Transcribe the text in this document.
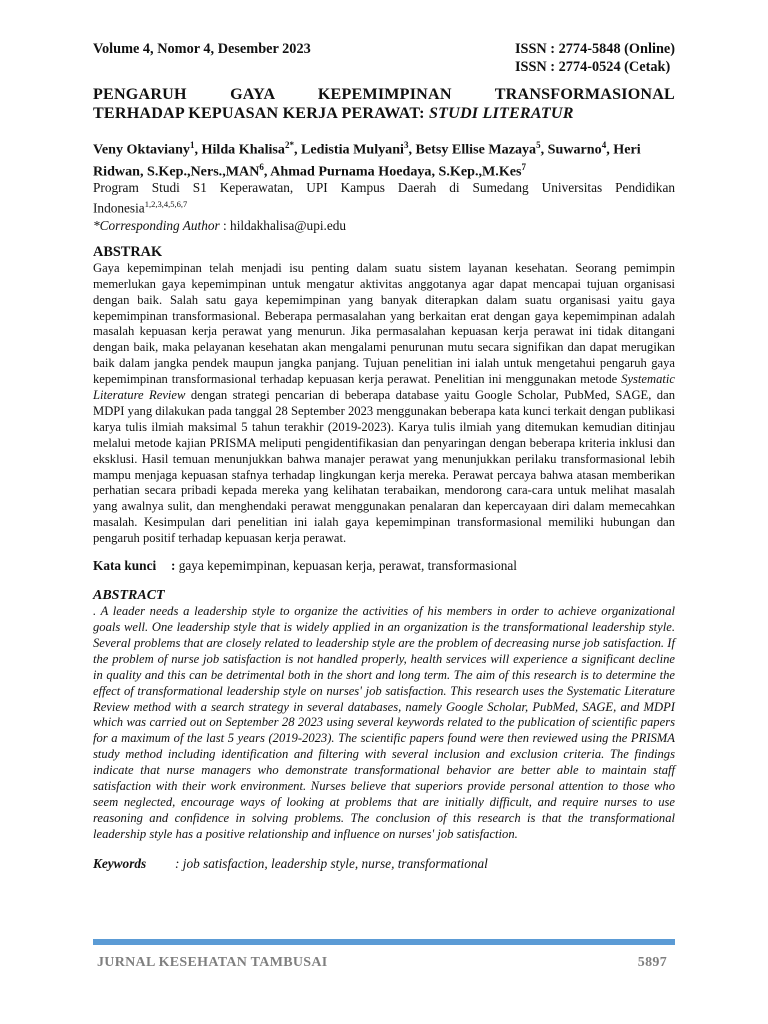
Volume 4, Nomor 4, Desember 2023	ISSN : 2774-5848 (Online)
ISSN : 2774-0524 (Cetak)
PENGARUH GAYA KEPEMIMPINAN TRANSFORMASIONAL
TERHADAP KEPUASAN KERJA PERAWAT: STUDI LITERATUR
Veny Oktaviany$^1$, Hilda Khalisa$^{2*}$, Ledistia Mulyani$^3$, Betsy Ellise Mazaya$^5$, Suwarno$^4$, Heri Ridwan, S.Kep.,Ners.,MAN$^6$, Ahmad Purnama Hoedaya, S.Kep.,M.Kes$^7$
Program Studi S1 Keperawatan, UPI Kampus Daerah di Sumedang Universitas Pendidikan Indonesia$^{1,2,3,4,5,6,7}$
*Corresponding Author : hildakhalisa@upi.edu
ABSTRAK
Gaya kepemimpinan telah menjadi isu penting dalam suatu sistem layanan kesehatan. Seorang pemimpin memerlukan gaya kepemimpinan untuk mengatur aktivitas anggotanya agar dapat mencapai tujuan organisasi dengan baik. Salah satu gaya kepemimpinan yang banyak diterapkan dalam suatu organisasi yaitu gaya kepemimpinan transformasional. Beberapa permasalahan yang berkaitan erat dengan gaya kepemimpinan adalah masalah kepuasan kerja perawat yang menurun. Jika permasalahan kepuasan kerja perawat ini tidak ditangani dengan baik, maka pelayanan kesehatan akan mengalami penurunan mutu secara signifikan dan dapat merugikan baik dalam jangka pendek maupun jangka panjang. Tujuan penelitian ini ialah untuk mengetahui pengaruh gaya kepemimpinan transformasional terhadap kepuasan kerja perawat. Penelitian ini menggunakan metode Systematic Literature Review dengan strategi pencarian di beberapa database yaitu Google Scholar, PubMed, SAGE, dan MDPI yang dilakukan pada tanggal 28 September 2023 menggunakan beberapa kata kunci terkait dengan publikasi karya tulis ilmiah maksimal 5 tahun terakhir (2019-2023). Karya tulis ilmiah yang ditemukan kemudian ditinjau melalui metode kajian PRISMA meliputi pengidentifikasian dan penyaringan dengan beberapa kriteria inklusi dan eksklusi. Hasil temuan menunjukkan bahwa manajer perawat yang menunjukkan perilaku transformasional lebih mampu menjaga kepuasan stafnya terhadap lingkungan kerja mereka. Perawat percaya bahwa atasan memberikan perhatian secara pribadi kepada mereka yang kelihatan terabaikan, mendorong cara-cara untuk melihat masalah yang awalnya sulit, dan menghendaki perawat menggunakan penalaran dan kepercayaan diri dalam memecahkan masalah. Kesimpulan dari penelitian ini ialah gaya kepemimpinan transformasional memiliki hubungan dan pengaruh positif terhadap kepuasan kerja perawat.
Kata kunci : gaya kepemimpinan, kepuasan kerja, perawat, transformasional
ABSTRACT
. A leader needs a leadership style to organize the activities of his members in order to achieve organizational goals well. One leadership style that is widely applied in an organization is the transformational leadership style. Several problems that are closely related to leadership style are the problem of decreasing nurse job satisfaction. If the problem of nurse job satisfaction is not handled properly, health services will experience a significant decline in quality and this can be detrimental both in the short and long term. The aim of this research is to determine the effect of transformational leadership style on nurses' job satisfaction. This research uses the Systematic Literature Review method with a search strategy in several databases, namely Google Scholar, PubMed, SAGE, and MDPI which was carried out on September 28 2023 using several keywords related to the publication of scientific papers for a maximum of the last 5 years (2019-2023). The scientific papers found were then reviewed using the PRISMA study method including identification and filtering with several inclusion and exclusion criteria. The findings indicate that nurse managers who demonstrate transformational behavior are better able to maintain staff satisfaction with their work environment. Nurses believe that superiors provide personal attention to those who seem neglected, encourage ways of looking at problems that are initially difficult, and require nurses to use reasoning and confidence in solving problems. The conclusion of this research is that the transformational leadership style has a positive relationship and influence on nurses' job satisfaction.
Keywords : job satisfaction, leadership style, nurse, transformational
JURNAL KESEHATAN TAMBUSAI	5897
